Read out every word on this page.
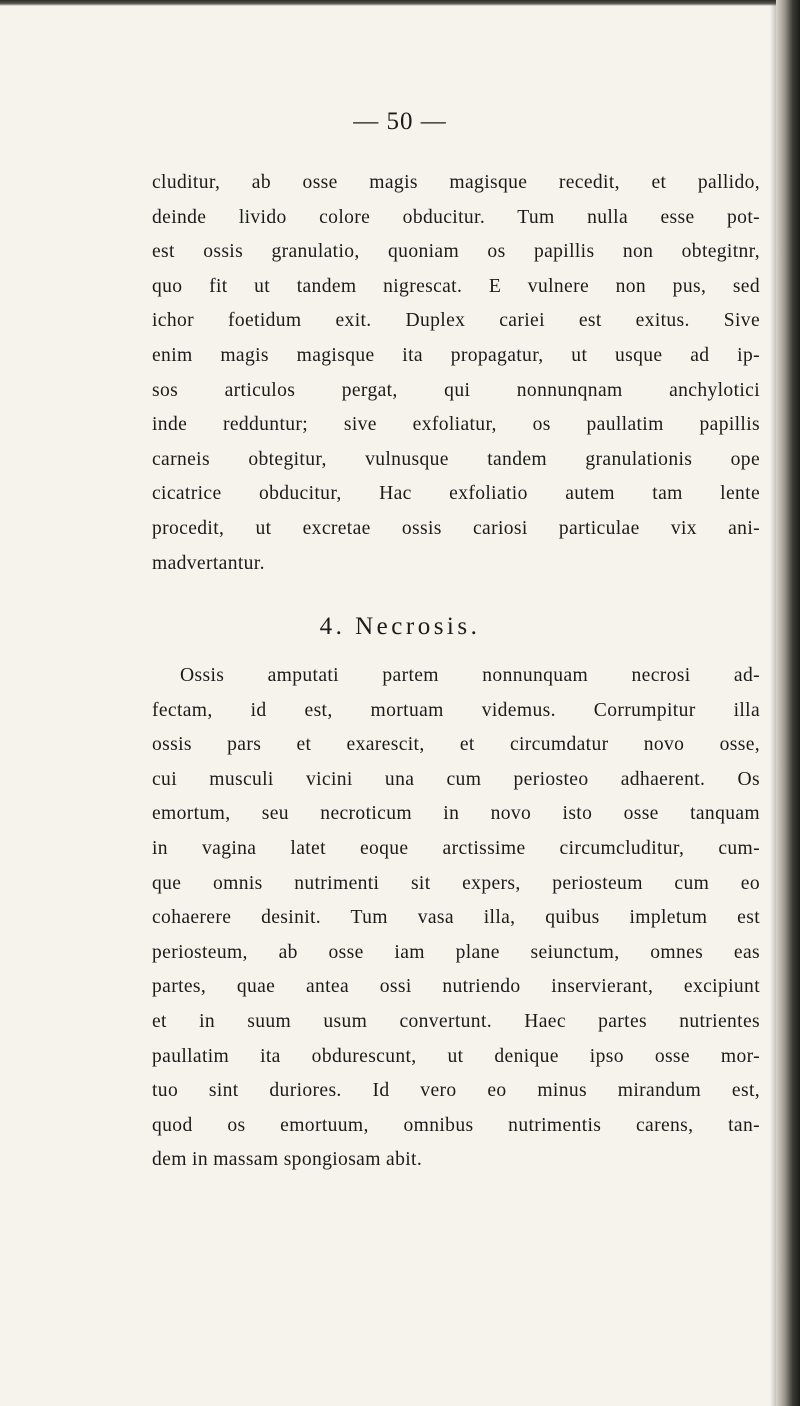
— 50 —
cluditur, ab osse magis magisque recedit, et pallido,
deinde livido colore obducitur. Tum nulla esse pot-
est ossis granulatio, quoniam os papillis non obtegitnr,
quo fit ut tandem nigrescat. E vulnere non pus, sed
ichor foetidum exit. Duplex cariei est exitus. Sive
enim magis magisque ita propagatur, ut usque ad ip-
sos articulos pergat, qui nonnunqnam anchylotici
inde redduntur; sive exfoliatur, os paullatim papillis
carneis obtegitur, vulnusque tandem granulationis ope
cicatrice obducitur, Hac exfoliatio autem tam lente
procedit, ut excretae ossis cariosi particulae vix ani-
madvertantur.
4. Necrosis.
Ossis amputati partem nonnunquam necrosi ad-
fectam, id est, mortuam videmus. Corrumpitur illa
ossis pars et exarescit, et circumdatur novo osse,
cui musculi vicini una cum periosteo adhaerent. Os
emortum, seu necroticum in novo isto osse tanquam
in vagina latet eoque arctissime circumcluditur, cum-
que omnis nutrimenti sit expers, periosteum cum eo
cohaerere desinit. Tum vasa illa, quibus impletum est
periosteum, ab osse iam plane seiunctum, omnes eas
partes, quae antea ossi nutriendo inservierant, excipiunt
et in suum usum convertunt. Haec partes nutrientes
paullatim ita obdurescunt, ut denique ipso osse mor-
tuo sint duriores. Id vero eo minus mirandum est,
quod os emortuum, omnibus nutrimentis carens, tan-
dem in massam spongiosam abit.
